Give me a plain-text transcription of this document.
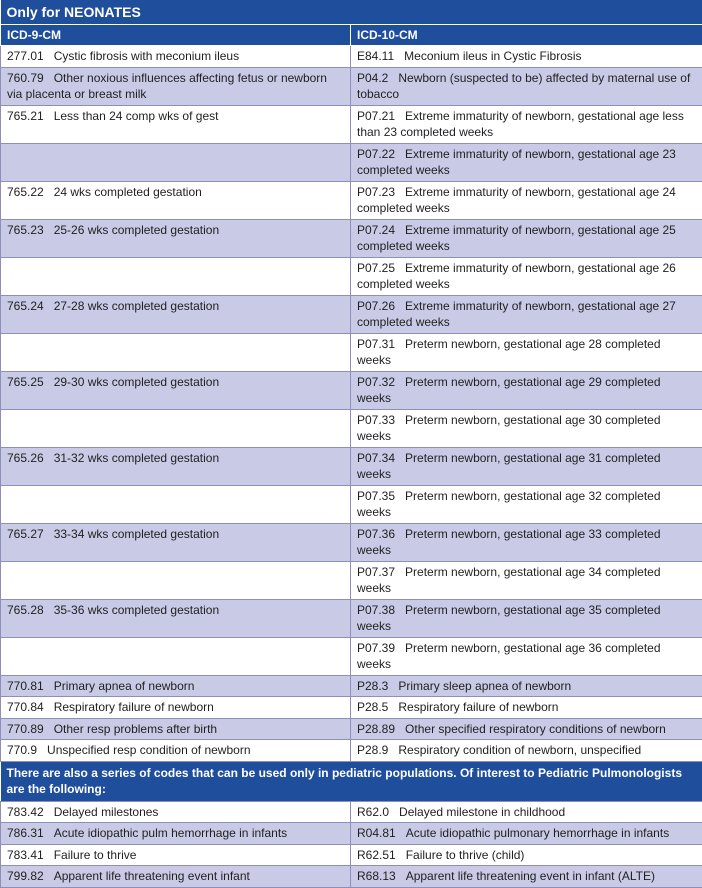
Only for NEONATES	
ICD-9-CM	ICD-10-CM
277.01 Cystic fibrosis with meconium ileus	E84.11 Meconium ileus in Cystic Fibrosis
760.79 Other noxious influences affecting fetus or newborn via placenta or breast milk	P04.2 Newborn (suspected to be) affected by maternal use of tobacco
765.21 Less than 24 comp wks of gest	P07.21 Extreme immaturity of newborn, gestational age less than 23 completed weeks
	P07.22 Extreme immaturity of newborn, gestational age 23 completed weeks
765.22 24 wks completed gestation	P07.23 Extreme immaturity of newborn, gestational age 24 completed weeks
765.23 25-26 wks completed gestation	P07.24 Extreme immaturity of newborn, gestational age 25 completed weeks
	P07.25 Extreme immaturity of newborn, gestational age 26 completed weeks
765.24 27-28 wks completed gestation	P07.26 Extreme immaturity of newborn, gestational age 27 completed weeks
	P07.31 Preterm newborn, gestational age 28 completed weeks
765.25 29-30 wks completed gestation	P07.32 Preterm newborn, gestational age 29 completed weeks
	P07.33 Preterm newborn, gestational age 30 completed weeks
765.26 31-32 wks completed gestation	P07.34 Preterm newborn, gestational age 31 completed weeks
	P07.35 Preterm newborn, gestational age 32 completed weeks
765.27 33-34 wks completed gestation	P07.36 Preterm newborn, gestational age 33 completed weeks
	P07.37 Preterm newborn, gestational age 34 completed weeks
765.28 35-36 wks completed gestation	P07.38 Preterm newborn, gestational age 35 completed weeks
	P07.39 Preterm newborn, gestational age 36 completed weeks
770.81 Primary apnea of newborn	P28.3 Primary sleep apnea of newborn
770.84 Respiratory failure of newborn	P28.5 Respiratory failure of newborn
770.89 Other resp problems after birth	P28.89 Other specified respiratory conditions of newborn
770.9 Unspecified resp condition of newborn	P28.9 Respiratory condition of newborn, unspecified
There are also a series of codes that can be used only in pediatric populations. Of interest to Pediatric Pulmonologists are the following:	
783.42 Delayed milestones	R62.0 Delayed milestone in childhood
786.31 Acute idiopathic pulm hemorrhage in infants	R04.81 Acute idiopathic pulmonary hemorrhage in infants
783.41 Failure to thrive	R62.51 Failure to thrive (child)
799.82 Apparent life threatening event infant	R68.13 Apparent life threatening event in infant (ALTE)
